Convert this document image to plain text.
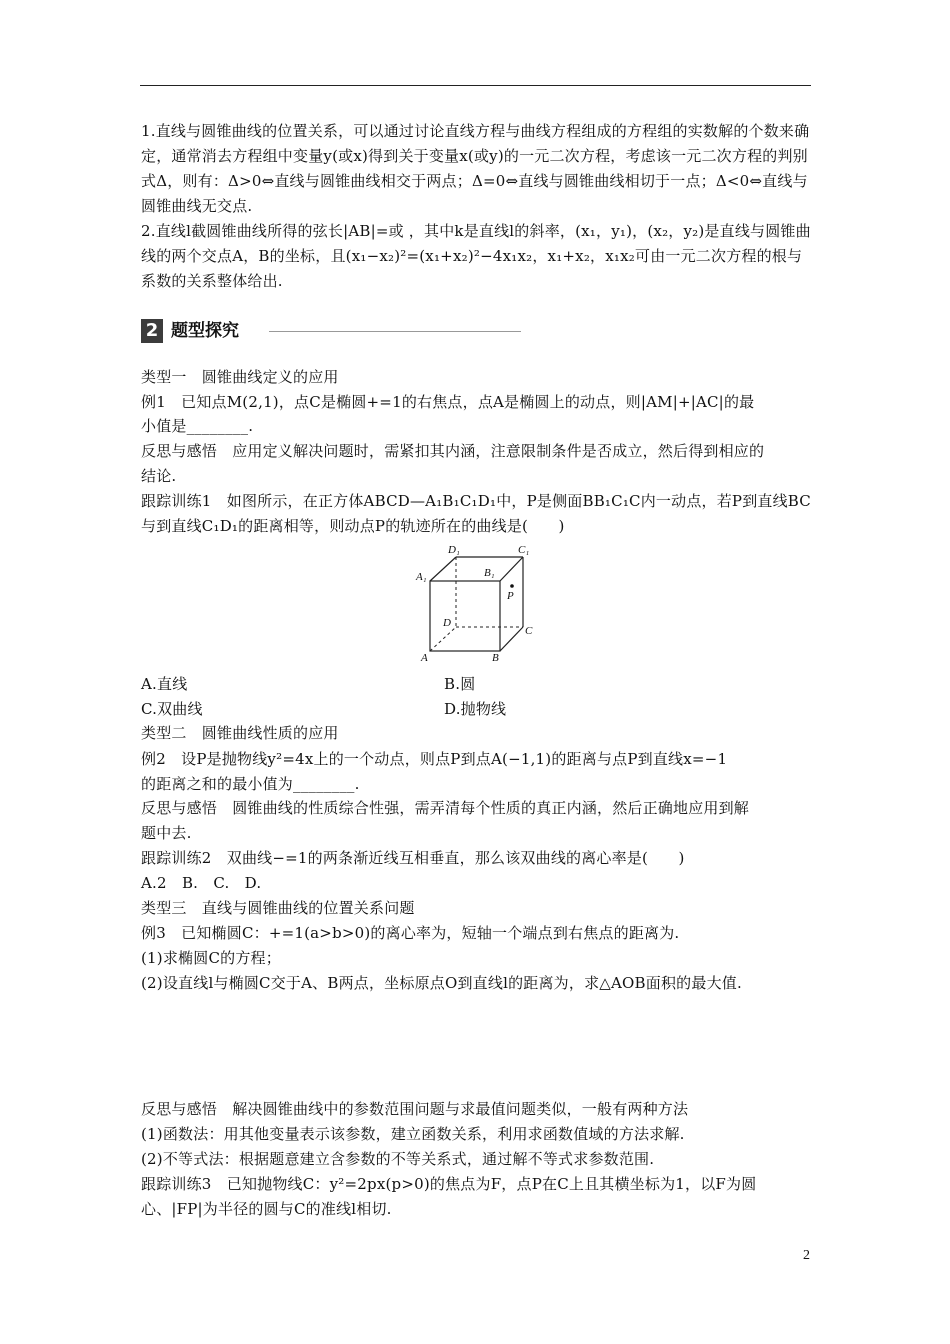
1.直线与圆锥曲线的位置关系，可以通过讨论直线方程与曲线方程组成的方程组的实数解的个数来确定，通常消去方程组中变量y(或x)得到关于变量x(或y)的一元二次方程，考虑该一元二次方程的判别式Δ，则有：Δ>0⇔直线与圆锥曲线相交于两点；Δ=0⇔直线与圆锥曲线相切于一点；Δ<0⇔直线与圆锥曲线无交点.
2.直线l截圆锥曲线所得的弦长|AB|=或 ，其中k是直线l的斜率，(x₁，y₁)，(x₂，y₂)是直线与圆锥曲线的两个交点A，B的坐标，且(x₁−x₂)²=(x₁+x₂)²−4x₁x₂，x₁+x₂，x₁x₂可由一元二次方程的根与系数的关系整体给出.
2 题型探究
类型一　圆锥曲线定义的应用
例1　已知点M(2,1)，点C是椭圆+=1的右焦点，点A是椭圆上的动点，则|AM|+|AC|的最
小值是________.
反思与感悟　应用定义解决问题时，需紧扣其内涵，注意限制条件是否成立，然后得到相应的
结论.
跟踪训练1　如图所示，在正方体ABCD—A₁B₁C₁D₁中，P是侧面BB₁C₁C内一动点，若P到直线BC
与到直线C₁D₁的距离相等，则动点P的轨迹所在的曲线是(　　)
D₁	C₁
A₁	B₁
P
D
C
A	B
A.直线	B.圆
C.双曲线	D.抛物线
类型二　圆锥曲线性质的应用
例2　设P是抛物线y²=4x上的一个动点，则点P到点A(−1,1)的距离与点P到直线x=−1
的距离之和的最小值为________.
反思与感悟　圆锥曲线的性质综合性强，需弄清每个性质的真正内涵，然后正确地应用到解
题中去.
跟踪训练2　双曲线−=1的两条渐近线互相垂直，那么该双曲线的离心率是(　　)
A.2　B.　C.　D.
类型三　直线与圆锥曲线的位置关系问题
例3　已知椭圆C：+=1(a>b>0)的离心率为，短轴一个端点到右焦点的距离为.
(1)求椭圆C的方程；
(2)设直线l与椭圆C交于A、B两点，坐标原点O到直线l的距离为，求△AOB面积的最大值.
反思与感悟　解决圆锥曲线中的参数范围问题与求最值问题类似，一般有两种方法
(1)函数法：用其他变量表示该参数，建立函数关系，利用求函数值域的方法求解.
(2)不等式法：根据题意建立含参数的不等关系式，通过解不等式求参数范围.
跟踪训练3　已知抛物线C：y²=2px(p>0)的焦点为F，点P在C上且其横坐标为1，以F为圆
心、|FP|为半径的圆与C的准线l相切.
2
